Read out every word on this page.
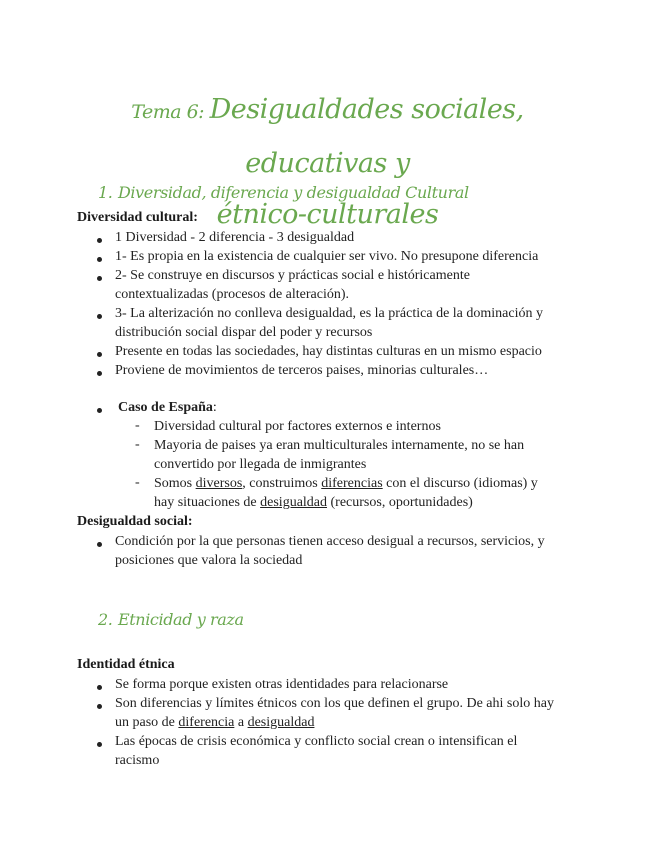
Tema 6: Desigualdades sociales, educativas y
étnico-culturales
1. Diversidad, diferencia y desigualdad Cultural
Diversidad cultural:
1 Diversidad - 2 diferencia - 3 desigualdad
1- Es propia en la existencia de cualquier ser vivo. No presupone diferencia
2- Se construye en discursos y prácticas social e históricamente
contextualizadas (procesos de alteración).
3- La alterización no conlleva desigualdad, es la práctica de la dominación y
distribución social dispar del poder y recursos
Presente en todas las sociedades, hay distintas culturas en un mismo espacio
Proviene de movimientos de terceros paises, minorias culturales…
Caso de España:
- Diversidad cultural por factores externos e internos
- Mayoria de paises ya eran multiculturales internamente, no se han
convertido por llegada de inmigrantes
- Somos diversos, construimos diferencias con el discurso (idiomas) y
hay situaciones de desigualdad (recursos, oportunidades)
Desigualdad social:
Condición por la que personas tienen acceso desigual a recursos, servicios, y
posiciones que valora la sociedad
2. Etnicidad y raza
Identidad étnica
Se forma porque existen otras identidades para relacionarse
Son diferencias y límites étnicos con los que definen el grupo. De ahi solo hay
un paso de diferencia a desigualdad
Las épocas de crisis económica y conflicto social crean o intensifican el
racismo
